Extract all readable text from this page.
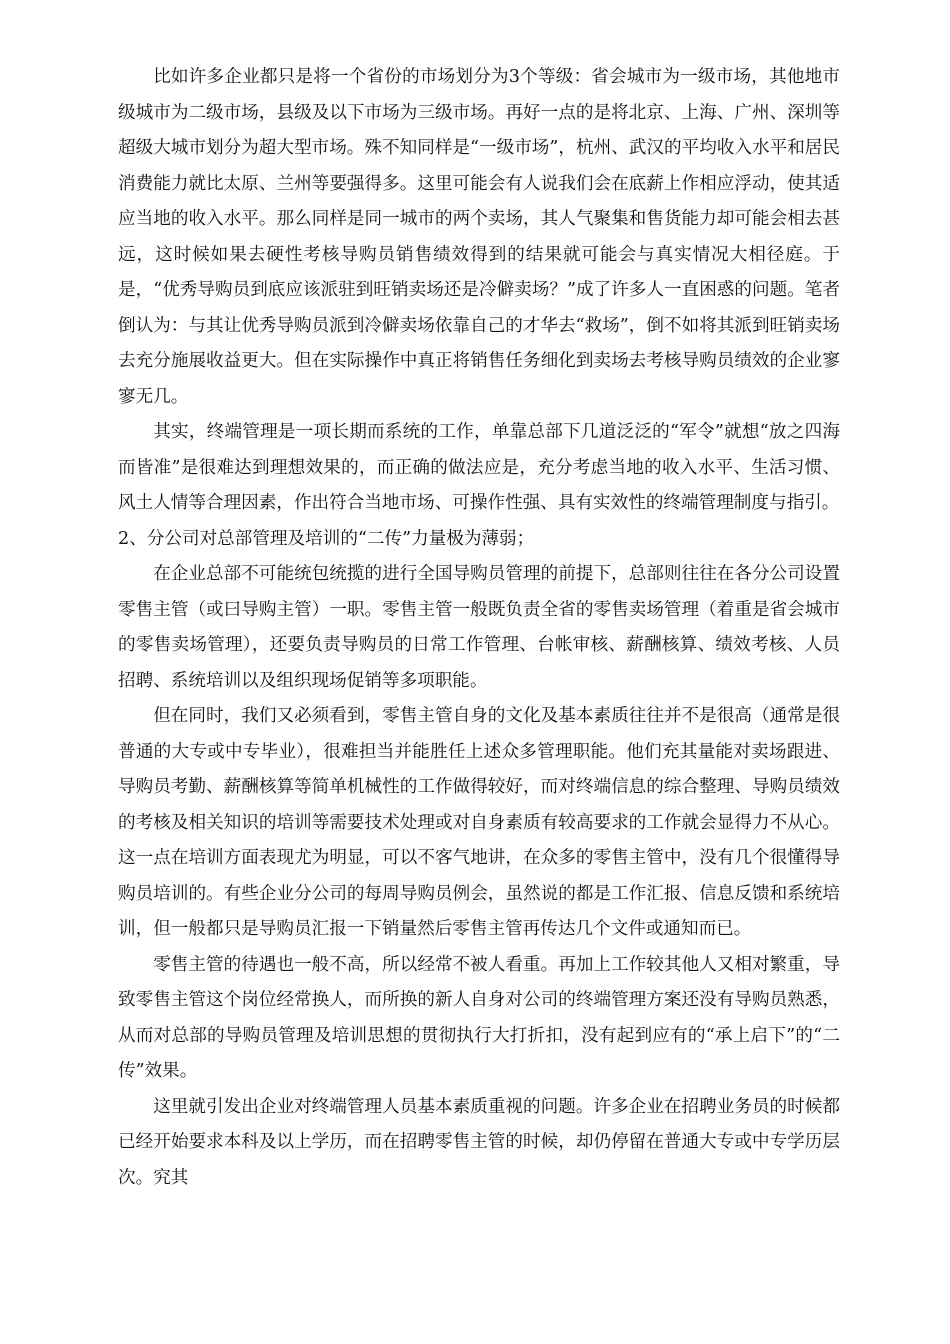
比如许多企业都只是将一个省份的市场划分为3个等级：省会城市为一级市场，其他地市级城市为二级市场，县级及以下市场为三级市场。再好一点的是将北京、上海、广州、深圳等超级大城市划分为超大型市场。殊不知同样是“一级市场”，杭州、武汉的平均收入水平和居民消费能力就比太原、兰州等要强得多。这里可能会有人说我们会在底薪上作相应浮动，使其适应当地的收入水平。那么同样是同一城市的两个卖场，其人气聚集和售货能力却可能会相去甚远，这时候如果去硬性考核导购员销售绩效得到的结果就可能会与真实情况大相径庭。于是，“优秀导购员到底应该派驻到旺销卖场还是冷僻卖场？”成了许多人一直困惑的问题。笔者倒认为：与其让优秀导购员派到冷僻卖场依靠自己的才华去“救场”，倒不如将其派到旺销卖场去充分施展收益更大。但在实际操作中真正将销售任务细化到卖场去考核导购员绩效的企业寥寥无几。

其实，终端管理是一项长期而系统的工作，单靠总部下几道泛泛的“军令”就想“放之四海而皆准”是很难达到理想效果的，而正确的做法应是，充分考虑当地的收入水平、生活习惯、风土人情等合理因素，作出符合当地市场、可操作性强、具有实效性的终端管理制度与指引。

2、分公司对总部管理及培训的“二传”力量极为薄弱；

在企业总部不可能统包统揽的进行全国导购员管理的前提下，总部则往往在各分公司设置零售主管（或曰导购主管）一职。零售主管一般既负责全省的零售卖场管理（着重是省会城市的零售卖场管理），还要负责导购员的日常工作管理、台帐审核、薪酬核算、绩效考核、人员招聘、系统培训以及组织现场促销等多项职能。

但在同时，我们又必须看到，零售主管自身的文化及基本素质往往并不是很高（通常是很普通的大专或中专毕业），很难担当并能胜任上述众多管理职能。他们充其量能对卖场跟进、导购员考勤、薪酬核算等简单机械性的工作做得较好，而对终端信息的综合整理、导购员绩效的考核及相关知识的培训等需要技术处理或对自身素质有较高要求的工作就会显得力不从心。这一点在培训方面表现尤为明显，可以不客气地讲，在众多的零售主管中，没有几个很懂得导购员培训的。有些企业分公司的每周导购员例会，虽然说的都是工作汇报、信息反馈和系统培训，但一般都只是导购员汇报一下销量然后零售主管再传达几个文件或通知而已。

零售主管的待遇也一般不高，所以经常不被人看重。再加上工作较其他人又相对繁重，导致零售主管这个岗位经常换人，而所换的新人自身对公司的终端管理方案还没有导购员熟悉，从而对总部的导购员管理及培训思想的贯彻执行大打折扣，没有起到应有的“承上启下”的“二传”效果。

这里就引发出企业对终端管理人员基本素质重视的问题。许多企业在招聘业务员的时候都已经开始要求本科及以上学历，而在招聘零售主管的时候，却仍停留在普通大专或中专学历层次。究其
